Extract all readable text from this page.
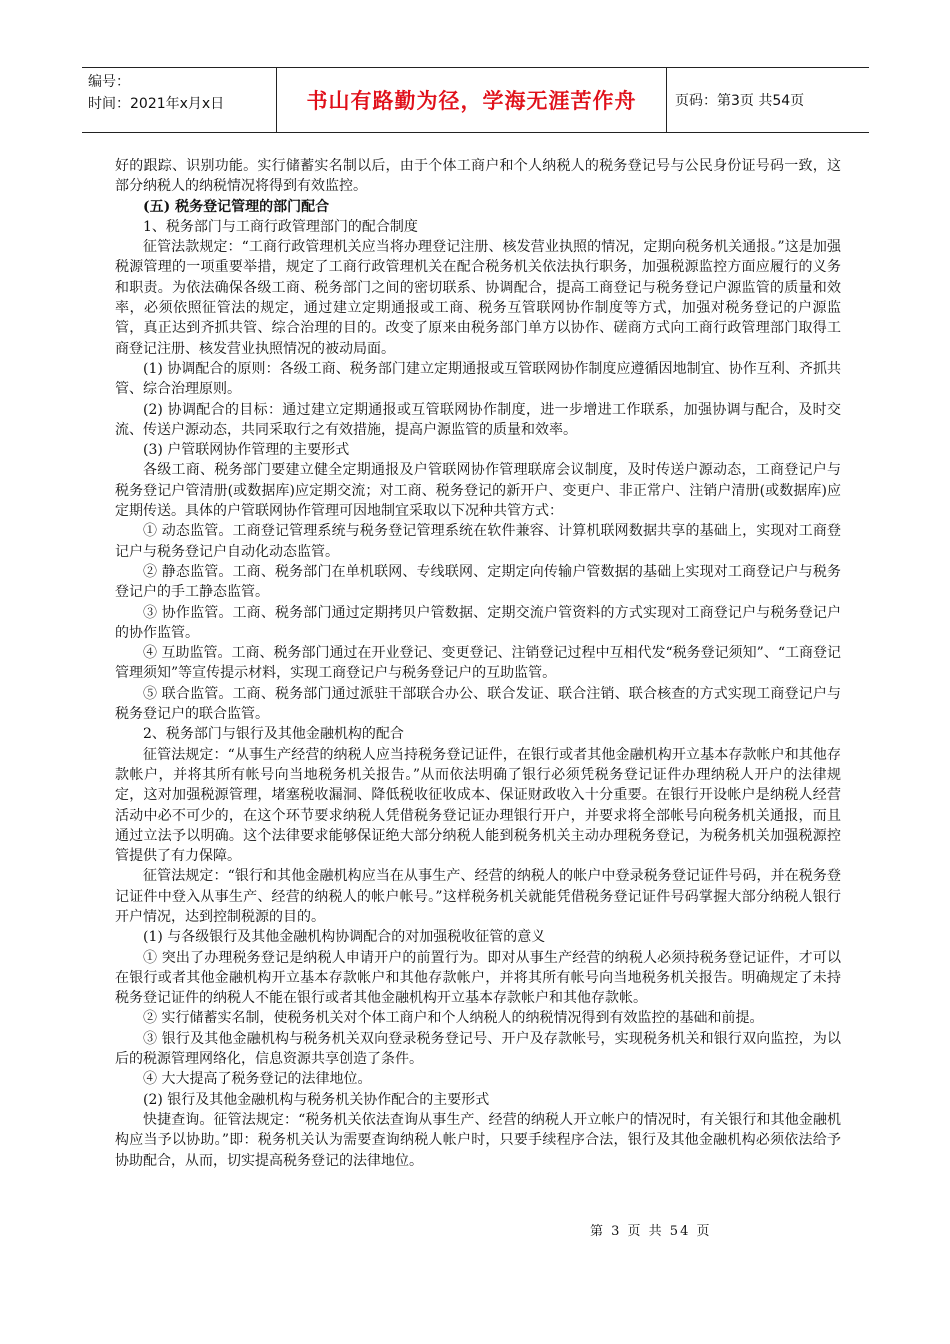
编号：
时间：2021年x月x日	书山有路勤为径，学海无涯苦作舟	页码：第3页 共54页

好的跟踪、识别功能。实行储蓄实名制以后，由于个体工商户和个人纳税人的税务登记号与公民身份证号码一致，这部分纳税人的纳税情况将得到有效监控。

(五) 税务登记管理的部门配合

1、税务部门与工商行政管理部门的配合制度

征管法款规定：“工商行政管理机关应当将办理登记注册、核发营业执照的情况，定期向税务机关通报。”这是加强税源管理的一项重要举措，规定了工商行政管理机关在配合税务机关依法执行职务，加强税源监控方面应履行的义务和职责。为依法确保各级工商、税务部门之间的密切联系、协调配合，提高工商登记与税务登记户源监管的质量和效率，必须依照征管法的规定，通过建立定期通报或工商、税务互管联网协作制度等方式，加强对税务登记的户源监管，真正达到齐抓共管、综合治理的目的。改变了原来由税务部门单方以协作、磋商方式向工商行政管理部门取得工商登记注册、核发营业执照情况的被动局面。

(1) 协调配合的原则：各级工商、税务部门建立定期通报或互管联网协作制度应遵循因地制宜、协作互利、齐抓共管、综合治理原则。

(2) 协调配合的目标：通过建立定期通报或互管联网协作制度，进一步增进工作联系，加强协调与配合，及时交流、传送户源动态，共同采取行之有效措施，提高户源监管的质量和效率。

(3) 户管联网协作管理的主要形式

各级工商、税务部门要建立健全定期通报及户管联网协作管理联席会议制度，及时传送户源动态，工商登记户与税务登记户管清册(或数据库)应定期交流；对工商、税务登记的新开户、变更户、非正常户、注销户清册(或数据库)应定期传送。具体的户管联网协作管理可因地制宜采取以下况种共管方式：

① 动态监管。工商登记管理系统与税务登记管理系统在软件兼容、计算机联网数据共享的基础上，实现对工商登记户与税务登记户自动化动态监管。

② 静态监管。工商、税务部门在单机联网、专线联网、定期定向传输户管数据的基础上实现对工商登记户与税务登记户的手工静态监管。

③ 协作监管。工商、税务部门通过定期拷贝户管数据、定期交流户管资料的方式实现对工商登记户与税务登记户的协作监管。

④ 互助监管。工商、税务部门通过在开业登记、变更登记、注销登记过程中互相代发“税务登记须知”、“工商登记管理须知”等宣传提示材料，实现工商登记户与税务登记户的互助监管。

⑤ 联合监管。工商、税务部门通过派驻干部联合办公、联合发证、联合注销、联合核查的方式实现工商登记户与税务登记户的联合监管。

2、税务部门与银行及其他金融机构的配合

征管法规定：“从事生产经营的纳税人应当持税务登记证件，在银行或者其他金融机构开立基本存款帐户和其他存款帐户，并将其所有帐号向当地税务机关报告。”从而依法明确了银行必须凭税务登记证件办理纳税人开户的法律规定，这对加强税源管理，堵塞税收漏洞、降低税收征收成本、保证财政收入十分重要。在银行开设帐户是纳税人经营活动中必不可少的，在这个环节要求纳税人凭借税务登记证办理银行开户，并要求将全部帐号向税务机关通报，而且通过立法予以明确。这个法律要求能够保证绝大部分纳税人能到税务机关主动办理税务登记，为税务机关加强税源控管提供了有力保障。

征管法规定：“银行和其他金融机构应当在从事生产、经营的纳税人的帐户中登录税务登记证件号码，并在税务登记证件中登入从事生产、经营的纳税人的帐户帐号。”这样税务机关就能凭借税务登记证件号码掌握大部分纳税人银行开户情况，达到控制税源的目的。

(1) 与各级银行及其他金融机构协调配合的对加强税收征管的意义

① 突出了办理税务登记是纳税人申请开户的前置行为。即对从事生产经营的纳税人必须持税务登记证件，才可以在银行或者其他金融机构开立基本存款帐户和其他存款帐户，并将其所有帐号向当地税务机关报告。明确规定了未持税务登记证件的纳税人不能在银行或者其他金融机构开立基本存款帐户和其他存款帐。

② 实行储蓄实名制，使税务机关对个体工商户和个人纳税人的纳税情况得到有效监控的基础和前提。

③ 银行及其他金融机构与税务机关双向登录税务登记号、开户及存款帐号，实现税务机关和银行双向监控，为以后的税源管理网络化，信息资源共享创造了条件。

④ 大大提高了税务登记的法律地位。

(2) 银行及其他金融机构与税务机关协作配合的主要形式

快捷查询。征管法规定：“税务机关依法查询从事生产、经营的纳税人开立帐户的情况时，有关银行和其他金融机构应当予以协助。”即：税务机关认为需要查询纳税人帐户时，只要手续程序合法，银行及其他金融机构必须依法给予协助配合，从而，切实提高税务登记的法律地位。

第 3 页 共 54 页
